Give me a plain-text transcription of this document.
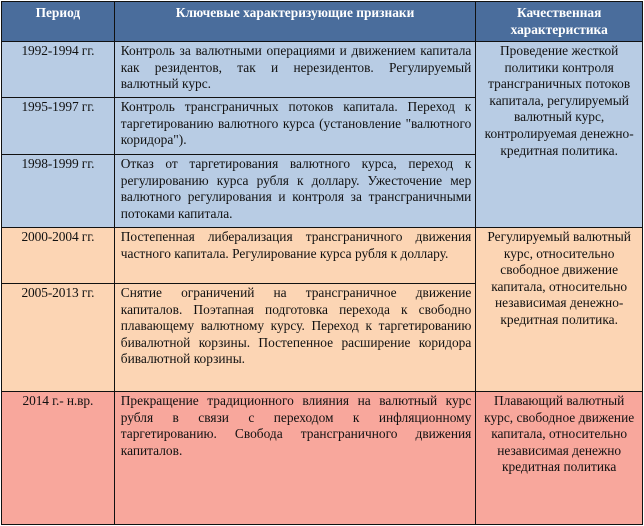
Период	Ключевые характеризующие признаки	Качественная характеристика
1992-1994 гг.	Контроль за валютными операциями и движением капитала как резидентов, так и нерезидентов. Регулируемый валютный курс.	Проведение жесткой политики контроля трансграничных потоков капитала, регулируемый валютный курс, контролируемая денежно-кредитная политика.
1995-1997 гг.	Контроль трансграничных потоков капитала. Переход к таргетированию валютного курса (установление "валютного коридора").	
1998-1999 гг.	Отказ от таргетирования валютного курса, переход к регулированию курса рубля к доллару. Ужесточение мер валютного регулирования и контроля за трансграничными потоками капитала.	
2000-2004 гг.	Постепенная либерализация трансграничного движения частного капитала. Регулирование курса рубля к доллару.	Регулируемый валютный курс, относительно свободное движение капитала, относительно независимая денежно-кредитная политика.
2005-2013 гг.	Снятие ограничений на трансграничное движение капиталов. Поэтапная подготовка перехода к свободно плавающему валютному курсу. Переход к таргетированию бивалютной корзины. Постепенное расширение коридора бивалютной корзины.	
2014 г.- н.вр.	Прекращение традиционного влияния на валютный курс рубля в связи с переходом к инфляционному таргетированию. Свобода трансграничного движения капиталов.	Плавающий валютный курс, свободное движение капитала, относительно независимая денежно кредитная политика
